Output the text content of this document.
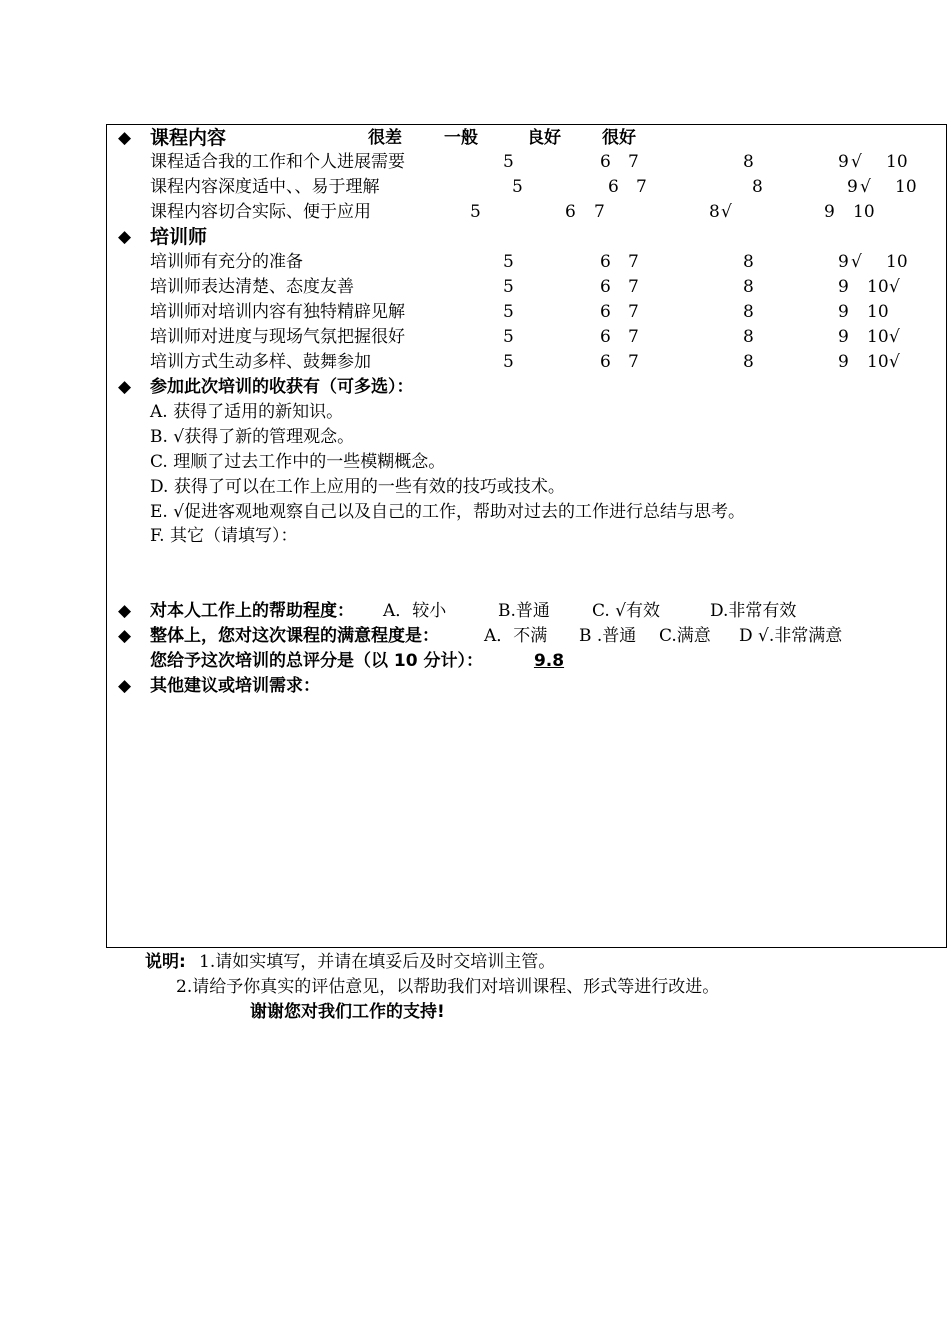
◆ 课程内容	很差 一般	良好 很好
课程适合我的工作和个人进展需要	5	6 7	8	9 √ 10
课程内容深度适中、、易于理解	5	6 7	8	9 √ 10
课程内容切合实际、便于应用	5	6 7	8 √	9 10
◆ 培训师
培训师有充分的准备	5	6 7	8	9 √ 10
培训师表达清楚、态度友善	5	6 7	8	9 10 √
培训师对培训内容有独特精辟见解	5	6 7	8	9 10
培训师对进度与现场气氛把握很好	5	6 7	8	9 10 √
培训方式生动多样、鼓舞参加	5	6 7	8	9 10 √
◆ 参加此次培训的收获有（可多选）：
A. 获得了适用的新知识。
B. √获得了新的管理观念。
C. 理顺了过去工作中的一些模糊概念。
D. 获得了可以在工作上应用的一些有效的技巧或技术。
E. √促进客观地观察自己以及自己的工作，帮助对过去的工作进行总结与思考。
F. 其它（请填写）：
◆ 对本人工作上的帮助程度： A．较小	B.普通 C. √有效	D.非常有效
◆ 整体上，您对这次课程的满意程度是：	A．不满 B .普通 C.满意 D √.非常满意
您给予这次培训的总评分是（以 10 分计）：	9.8
◆ 其他建议或培训需求：
说明: 1.请如实填写，并请在填妥后及时交培训主管。
2.请给予你真实的评估意见，以帮助我们对培训课程、形式等进行改进。
谢谢您对我们工作的支持!
